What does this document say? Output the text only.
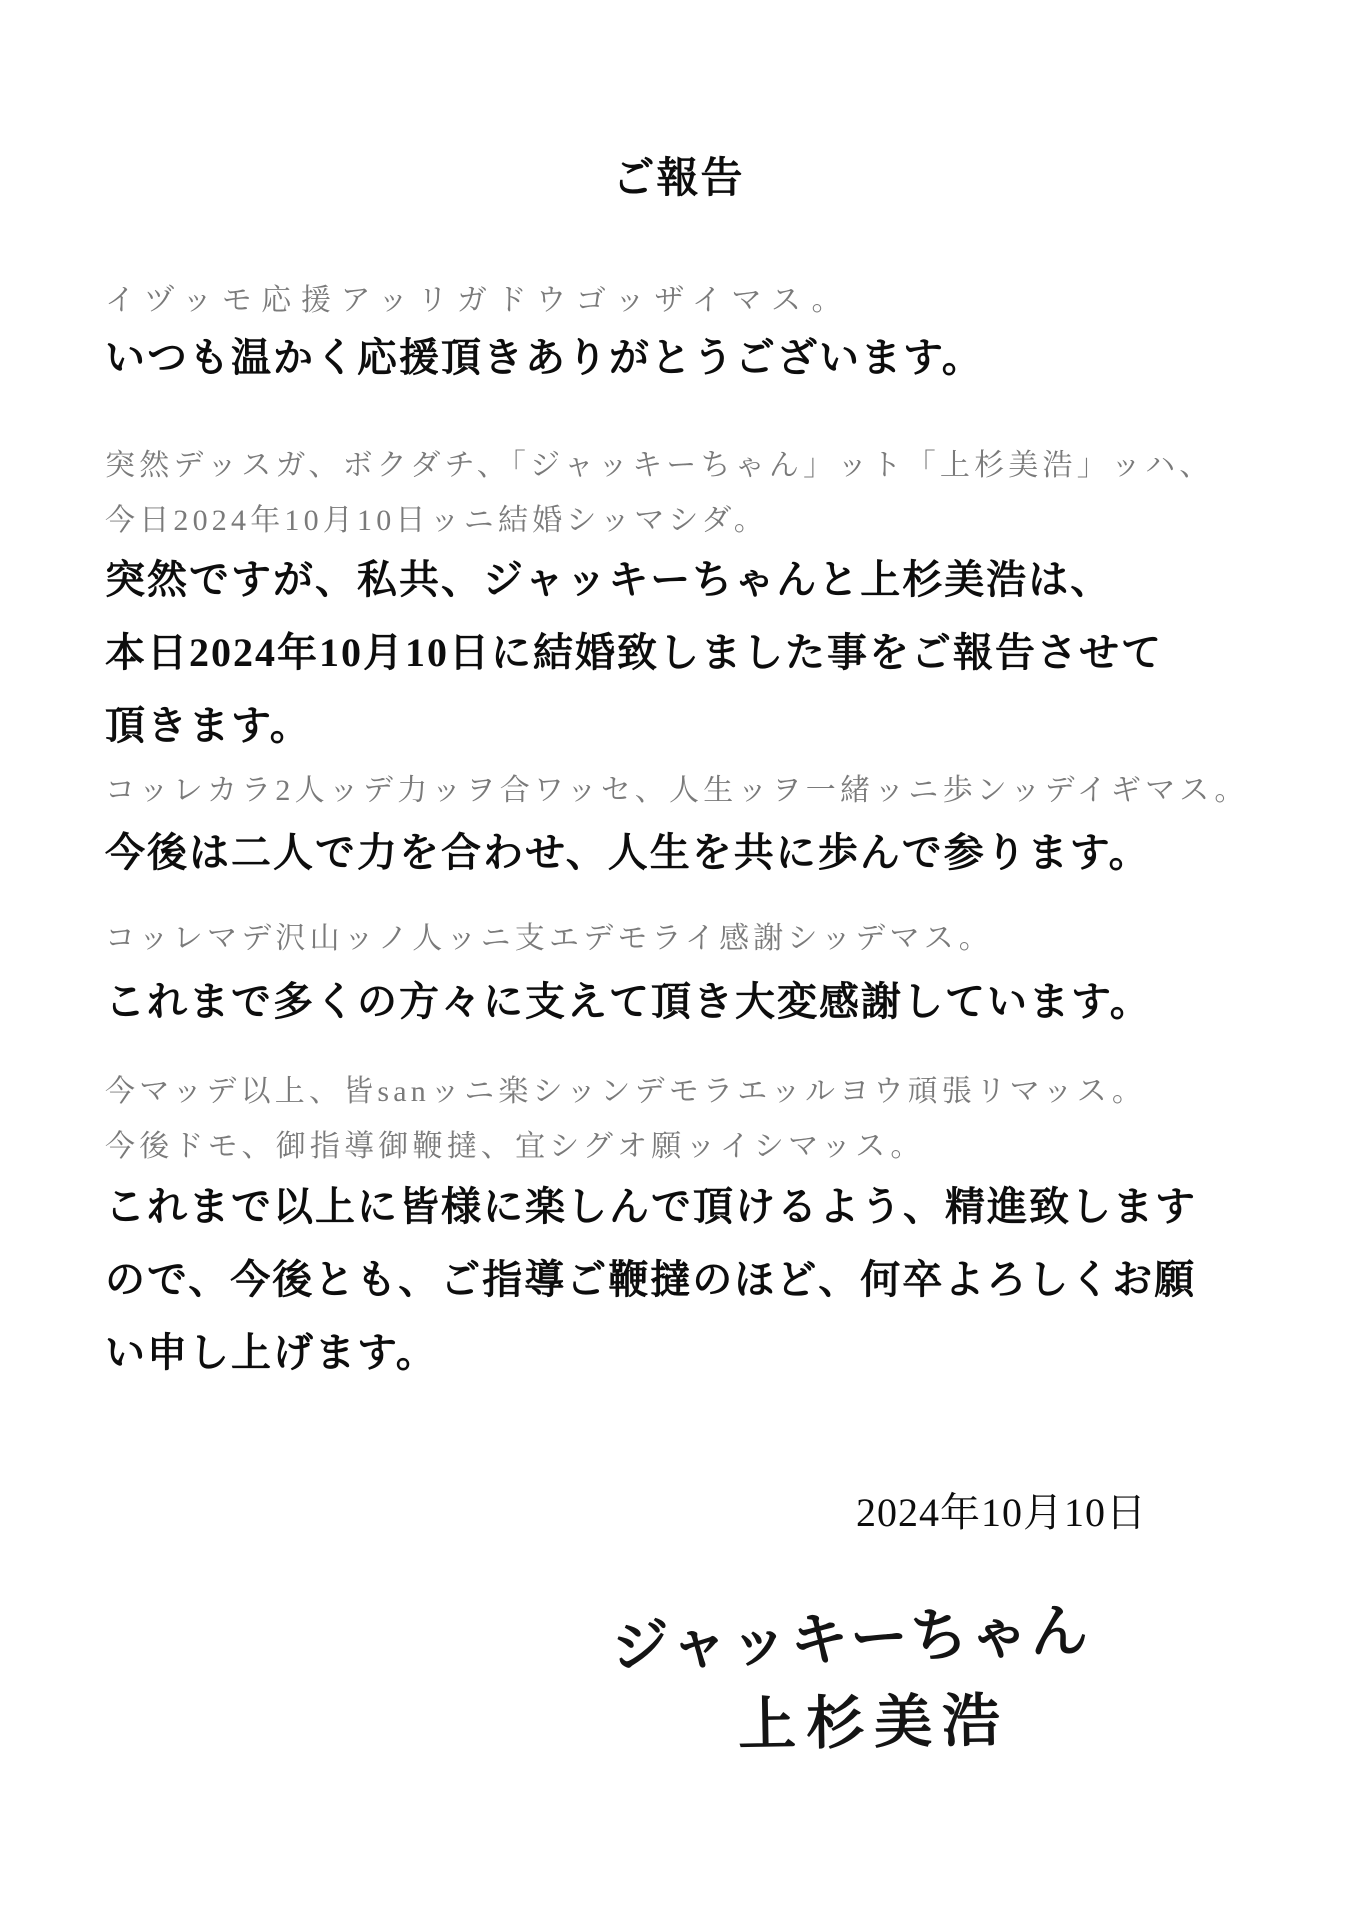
ご報告

イヅッモ応援アッリガドウゴッザイマス。

いつも温かく応援頂きありがとうございます。

突然デッスガ、ボクダチ、「ジャッキーちゃん」ット「上杉美浩」ッハ、

今日2024年10月10日ッニ結婚シッマシダ。

突然ですが、私共、ジャッキーちゃんと上杉美浩は、

本日2024年10月10日に結婚致しました事をご報告させて

頂きます。

コッレカラ2人ッデ力ッヲ合ワッセ、人生ッヲ一緒ッニ歩ンッデイギマス。

今後は二人で力を合わせ、人生を共に歩んで参ります。

コッレマデ沢山ッノ人ッニ支エデモライ感謝シッデマス。

これまで多くの方々に支えて頂き大変感謝しています。

今マッデ以上、皆sanッニ楽シッンデモラエッルヨウ頑張リマッス。

今後ドモ、御指導御鞭撻、宜シグオ願ッイシマッス。

これまで以上に皆様に楽しんで頂けるよう、精進致します

ので、今後とも、ご指導ご鞭撻のほど、何卒よろしくお願

い申し上げます。

2024年10月10日

ジャッキーちゃん

上杉美浩
